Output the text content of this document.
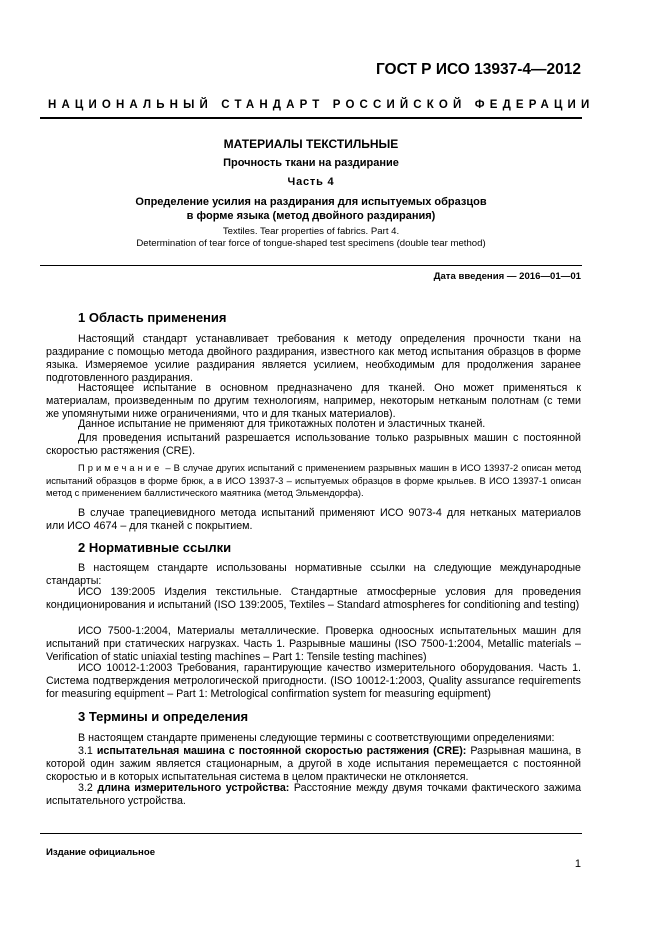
ГОСТ Р ИСО 13937-4—2012
НАЦИОНАЛЬНЫЙ СТАНДАРТ РОССИЙСКОЙ ФЕДЕРАЦИИ
МАТЕРИАЛЫ ТЕКСТИЛЬНЫЕ
Прочность ткани на раздирание
Часть 4
Определение усилия на раздирания для испытуемых образцов
в форме языка (метод двойного раздирания)
Textiles. Tear properties of fabrics. Part 4.
Determination of tear force of tongue-shaped test specimens (double tear method)
Дата введения — 2016—01—01
1 Область применения

Настоящий стандарт устанавливает требования к методу определения прочности ткани на раздирание с помощью метода двойного раздирания, известного как метод испытания образцов в форме языка. Измеряемое усилие раздирания является усилием, необходимым для продолжения заранее подготовленного раздирания.

Настоящее испытание в основном предназначено для тканей. Оно может применяться к материалам, произведенным по другим технологиям, например, некоторым нетканым полотнам (с теми же упомянутыми ниже ограничениями, что и для тканых материалов).

Данное испытание не применяют для трикотажных полотен и эластичных тканей.

Для проведения испытаний разрешается использование только разрывных машин с постоянной скоростью растяжения (CRE).

Примечание – В случае других испытаний с применением разрывных машин в ИСО 13937-2 описан метод испытаний образцов в форме брюк, а в ИСО 13937-3 – испытуемых образцов в форме крыльев. В ИСО 13937-1 описан метод с применением баллистического маятника (метод Эльмендорфа).

В случае трапециевидного метода испытаний применяют ИСО 9073-4 для нетканых материалов или ИСО 4674 – для тканей с покрытием.

2 Нормативные ссылки

В настоящем стандарте использованы нормативные ссылки на следующие международные стандарты:

ИСО 139:2005 Изделия текстильные. Стандартные атмосферные условия для проведения кондиционирования и испытаний (ISO 139:2005, Textiles – Standard atmospheres for conditioning and testing)

ИСО 7500-1:2004, Материалы металлические. Проверка одноосных испытательных машин для испытаний при статических нагрузках. Часть 1. Разрывные машины (ISO 7500-1:2004, Metallic materials – Verification of static uniaxial testing machines – Part 1: Tensile testing machines)

ИСО 10012-1:2003 Требования, гарантирующие качество измерительного оборудования. Часть 1. Система подтверждения метрологической пригодности. (ISO 10012-1:2003, Quality assurance requirements for measuring equipment – Part 1: Metrological confirmation system for measuring equipment)

3 Термины и определения

В настоящем стандарте применены следующие термины с соответствующими определениями:

3.1 испытательная машина с постоянной скоростью растяжения (CRE): Разрывная машина, в которой один зажим является стационарным, а другой в ходе испытания перемещается с постоянной скоростью и в которых испытательная система в целом практически не отклоняется.

3.2 длина измерительного устройства: Расстояние между двумя точками фактического зажима испытательного устройства.

Издание официальное
1
